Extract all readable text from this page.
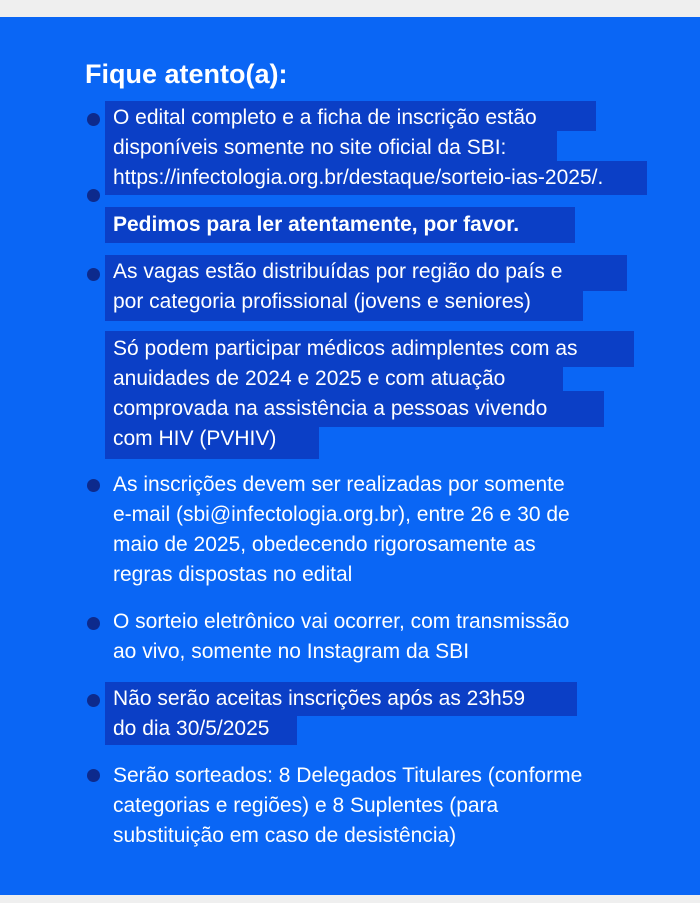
Fique atento(a):

O edital completo e a ficha de inscrição estão
disponíveis somente no site oficial da SBI:
https://infectologia.org.br/destaque/sorteio-ias-2025/.

Pedimos para ler atentamente, por favor.

As vagas estão distribuídas por região do país e
por categoria profissional (jovens e seniores)

Só podem participar médicos adimplentes com as
anuidades de 2024 e 2025 e com atuação
comprovada na assistência a pessoas vivendo
com HIV (PVHIV)

As inscrições devem ser realizadas por somente
e-mail (sbi@infectologia.org.br), entre 26 e 30 de
maio de 2025, obedecendo rigorosamente as
regras dispostas no edital

O sorteio eletrônico vai ocorrer, com transmissão
ao vivo, somente no Instagram da SBI

Não serão aceitas inscrições após as 23h59
do dia 30/5/2025

Serão sorteados: 8 Delegados Titulares (conforme
categorias e regiões) e 8 Suplentes (para
substituição em caso de desistência)
